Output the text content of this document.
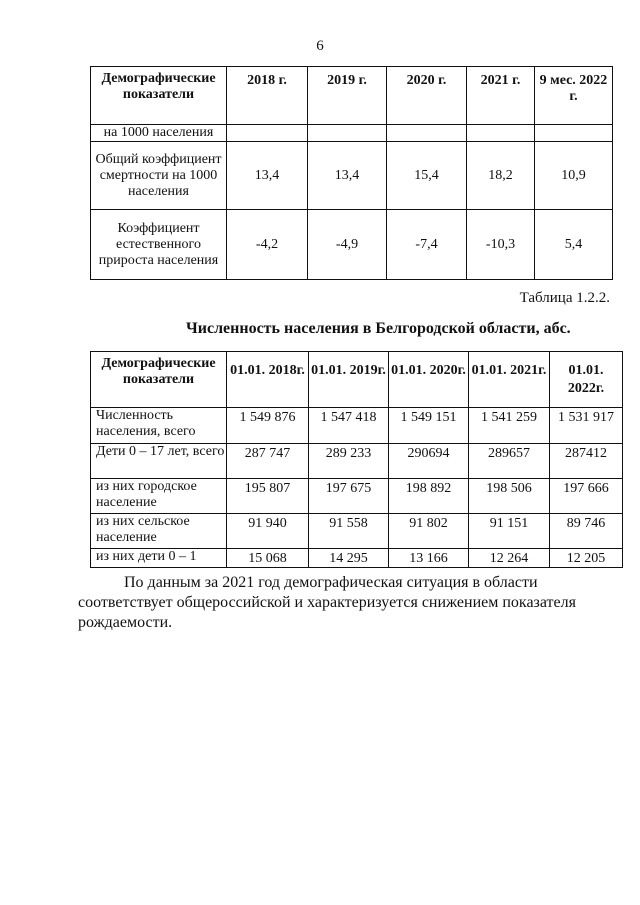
6
Демографические показатели	2018 г.	2019 г.	2020 г.	2021 г.	9 мес. 2022 г.
на 1000 населения					
Общий коэффициент смертности на 1000 населения	13,4	13,4	15,4	18,2	10,9
Коэффициент естественного прироста населения	-4,2	-4,9	-7,4	-10,3	5,4
Таблица 1.2.2.
Численность населения в Белгородской области, абс.
Демографические показатели	01.01. 2018г.	01.01. 2019г.	01.01. 2020г.	01.01. 2021г.	01.01. 2022г.
Численность населения, всего	1 549 876	1 547 418	1 549 151	1 541 259	1 531 917
Дети 0 – 17 лет, всего	287 747	289 233	290694	289657	287412
из них городское население	195 807	197 675	198 892	198 506	197 666
из них сельское население	91 940	91 558	91 802	91 151	89 746
из них дети 0 – 1	15 068	14 295	13 166	12 264	12 205
По данным за 2021 год демографическая ситуация в области соответствует общероссийской и характеризуется снижением показателя рождаемости.
